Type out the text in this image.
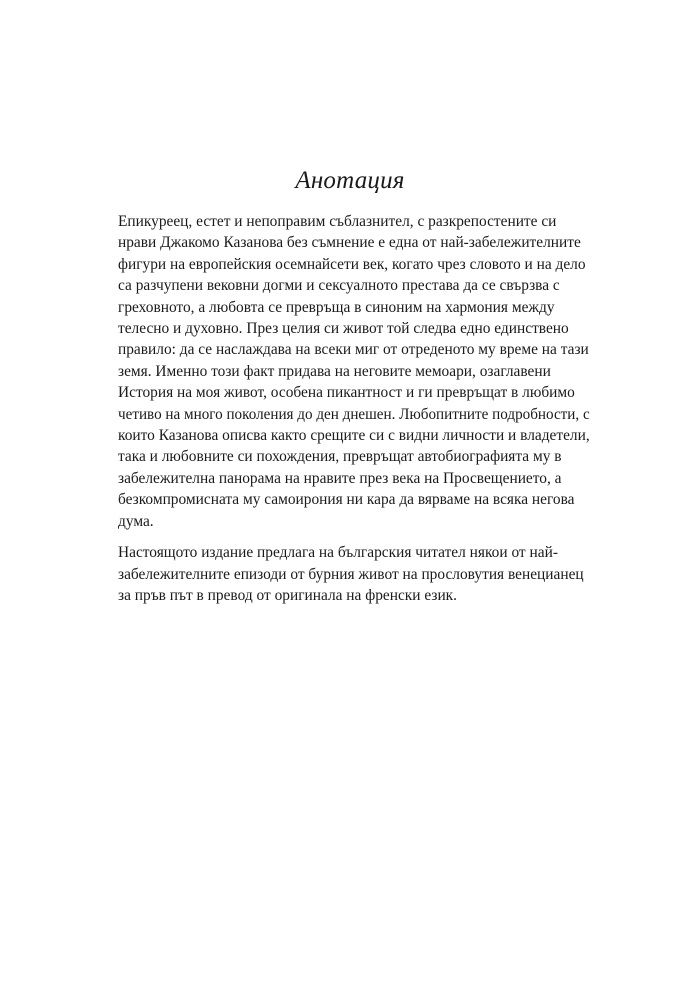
Анотация

Епикуреец, естет и непоправим съблазнител, с разкрепостените си
нрави Джакомо Казанова без съмнение е една от най-забележителните
фигури на европейския осемнайсети век, когато чрез словото и на дело
са разчупени вековни догми и сексуалното престава да се свързва с
греховното, а любовта се превръща в синоним на хармония между
телесно и духовно. През целия си живот той следва едно единствено
правило: да се наслаждава на всеки миг от отреденото му време на тази
земя. Именно този факт придава на неговите мемоари, озаглавени
История на моя живот, особена пикантност и ги превръщат в любимо
четиво на много поколения до ден днешен. Любопитните подробности, с
които Казанова описва както срещите си с видни личности и владетели,
така и любовните си похождения, превръщат автобиографията му в
забележителна панорама на нравите през века на Просвещението, а
безкомпромисната му самоирония ни кара да вярваме на всяка негова
дума.

Настоящото издание предлага на българския читател някои от най-
забележителните епизоди от бурния живот на прословутия венецианец
за пръв път в превод от оригинала на френски език.
